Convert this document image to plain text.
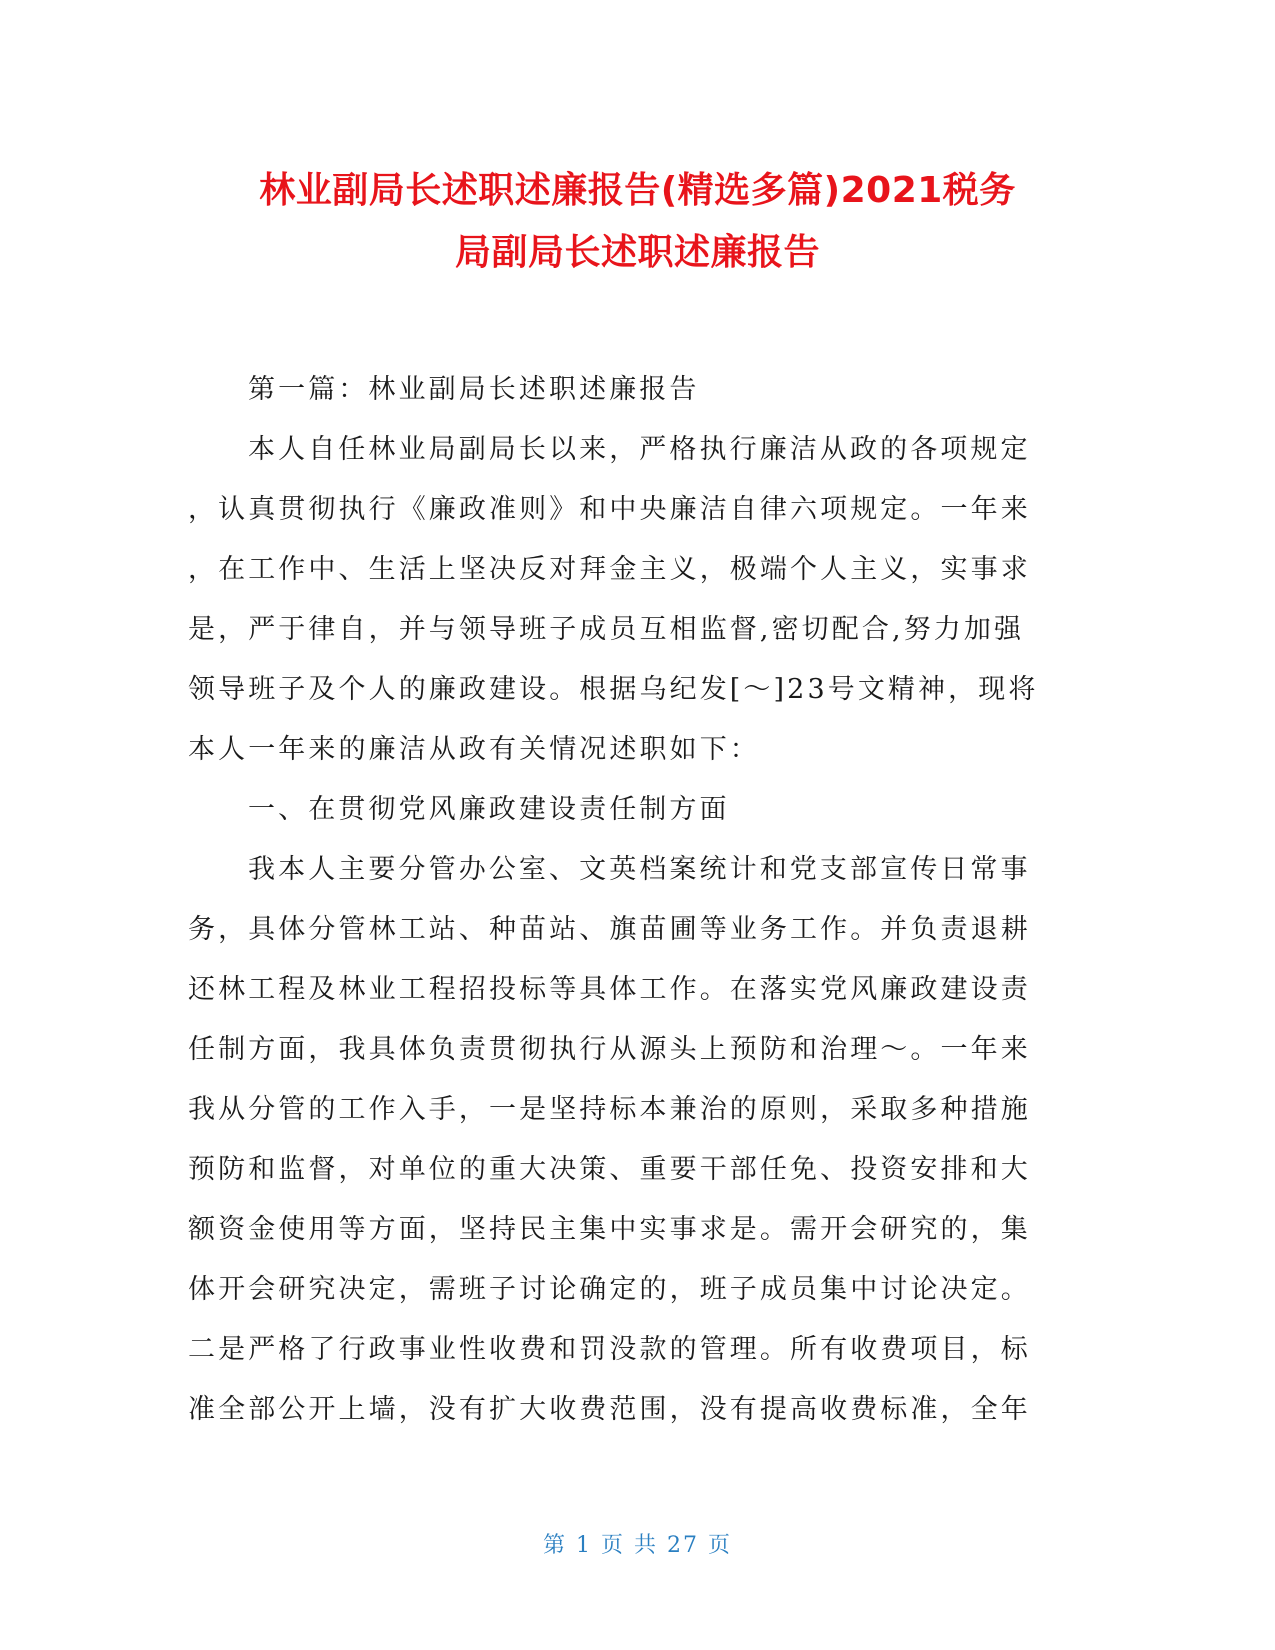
林业副局长述职述廉报告(精选多篇)2021税务
局副局长述职述廉报告
第一篇：林业副局长述职述廉报告
本人自任林业局副局长以来，严格执行廉洁从政的各项规定
，认真贯彻执行《廉政准则》和中央廉洁自律六项规定。一年来
，在工作中、生活上坚决反对拜金主义，极端个人主义，实事求
是，严于律自，并与领导班子成员互相监督,密切配合,努力加强
领导班子及个人的廉政建设。根据乌纪发[～]23号文精神，现将
本人一年来的廉洁从政有关情况述职如下：
一、在贯彻党风廉政建设责任制方面
我本人主要分管办公室、文英档案统计和党支部宣传日常事
务，具体分管林工站、种苗站、旗苗圃等业务工作。并负责退耕
还林工程及林业工程招投标等具体工作。在落实党风廉政建设责
任制方面，我具体负责贯彻执行从源头上预防和治理～。一年来
我从分管的工作入手，一是坚持标本兼治的原则，采取多种措施
预防和监督，对单位的重大决策、重要干部任免、投资安排和大
额资金使用等方面，坚持民主集中实事求是。需开会研究的，集
体开会研究决定，需班子讨论确定的，班子成员集中讨论决定。
二是严格了行政事业性收费和罚没款的管理。所有收费项目，标
准全部公开上墙，没有扩大收费范围，没有提高收费标准，全年
第 1 页 共 27 页
